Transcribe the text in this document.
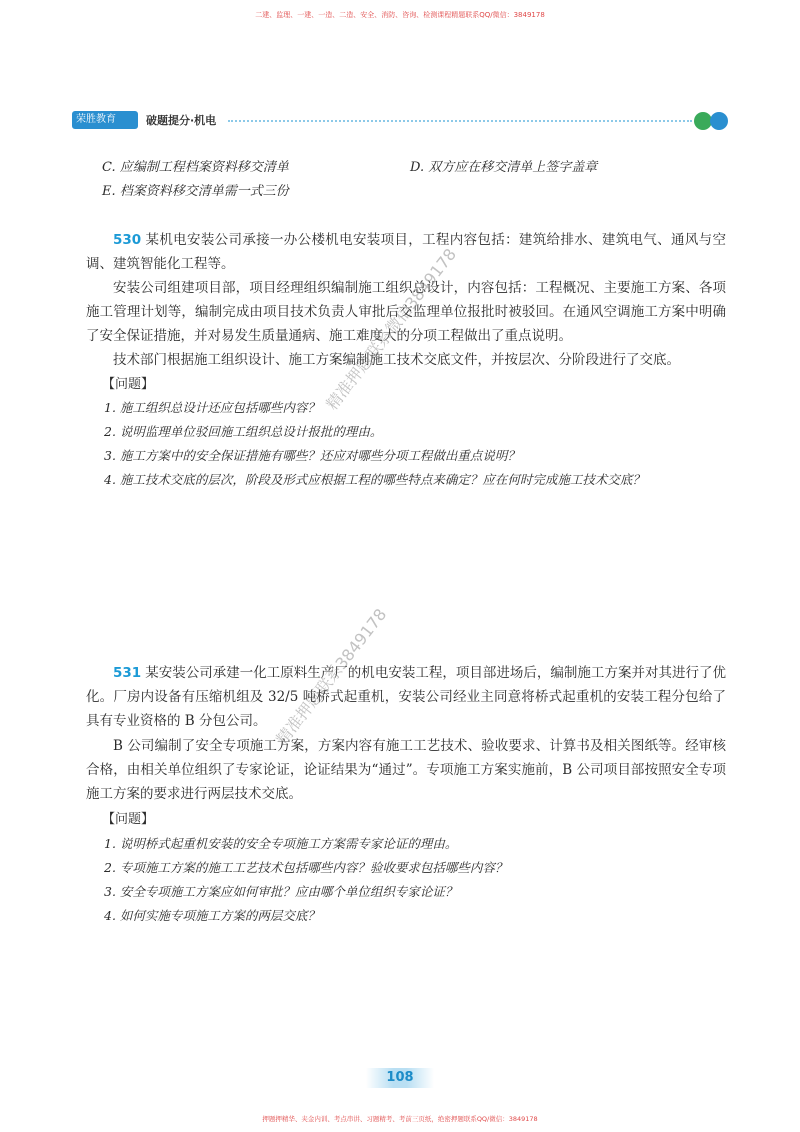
二建、监理、一建、一造、二造、安全、消防、咨询、检测课程精题联系QQ/微信：3849178
荣胜教育	破题提分·机电
C. 应编制工程档案资料移交清单	D. 双方应在移交清单上签字盖章
E. 档案资料移交清单需一式三份

530 某机电安装公司承接一办公楼机电安装项目，工程内容包括：建筑给排水、建筑电气、通风与空调、建筑智能化工程等。

安装公司组建项目部，项目经理组织编制施工组织总设计，内容包括：工程概况、主要施工方案、各项施工管理计划等，编制完成由项目技术负责人审批后交监理单位报批时被驳回。在通风空调施工方案中明确了安全保证措施，并对易发生质量通病、施工难度大的分项工程做出了重点说明。

技术部门根据施工组织设计、施工方案编制施工技术交底文件，并按层次、分阶段进行了交底。

【问题】
1. 施工组织总设计还应包括哪些内容？
2. 说明监理单位驳回施工组织总设计报批的理由。
3. 施工方案中的安全保证措施有哪些？还应对哪些分项工程做出重点说明？
4. 施工技术交底的层次，阶段及形式应根据工程的哪些特点来确定？应在何时完成施工技术交底？

531 某安装公司承建一化工原料生产厂的机电安装工程，项目部进场后，编制施工方案并对其进行了优化。厂房内设备有压缩机组及 32/5 吨桥式起重机，安装公司经业主同意将桥式起重机的安装工程分包给了具有专业资格的 B 分包公司。

B 公司编制了安全专项施工方案，方案内容有施工工艺技术、验收要求、计算书及相关图纸等。经审核合格，由相关单位组织了专家论证，论证结果为“通过”。专项施工方案实施前，B 公司项目部按照安全专项施工方案的要求进行两层技术交底。

【问题】
1. 说明桥式起重机安装的安全专项施工方案需专家论证的理由。
2. 专项施工方案的施工工艺技术包括哪些内容？验收要求包括哪些内容？
3. 安全专项施工方案应如何审批？应由哪个单位组织专家论证？
4. 如何实施专项施工方案的两层交底？
精准押题联系微信3849178
精准押题联系3849178
108
押题押精华、夹金内训、考点串讲、习题精考、考前三页纸，绝密押题联系QQ/微信：3849178
